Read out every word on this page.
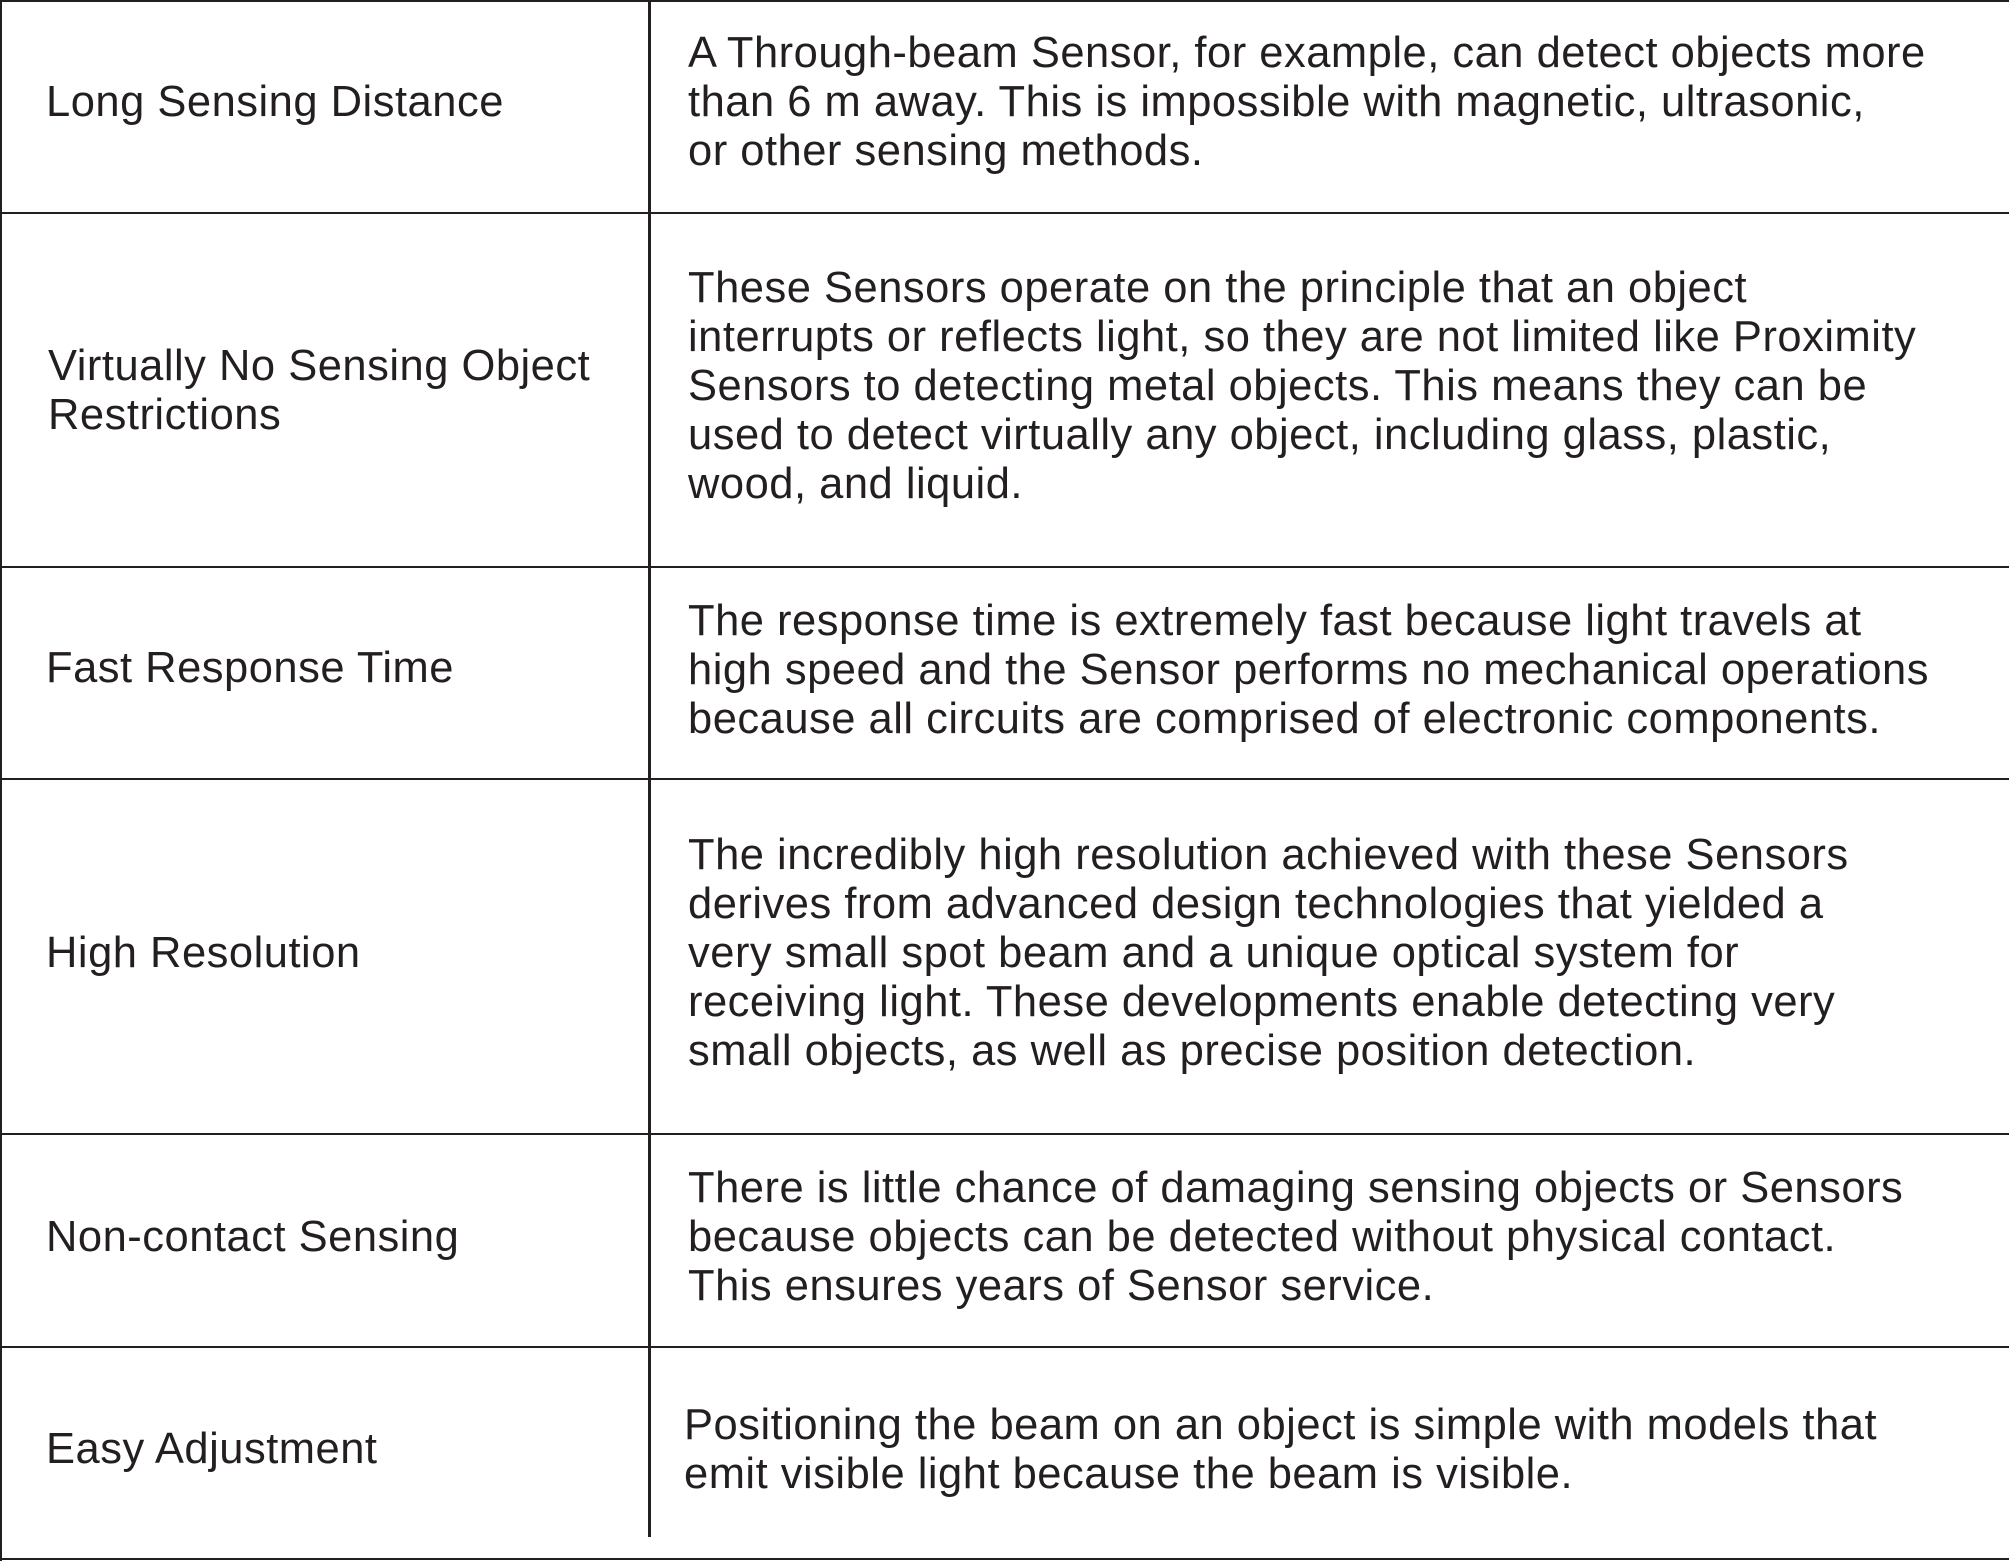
Long Sensing Distance
A Through-beam Sensor, for example, can detect objects more
than 6 m away. This is impossible with magnetic, ultrasonic,
or other sensing methods.
Virtually No Sensing Object
Restrictions
These Sensors operate on the principle that an object
interrupts or reflects light, so they are not limited like Proximity
Sensors to detecting metal objects. This means they can be
used to detect virtually any object, including glass, plastic,
wood, and liquid.
Fast Response Time
The response time is extremely fast because light travels at
high speed and the Sensor performs no mechanical operations
because all circuits are comprised of electronic components.
High Resolution
The incredibly high resolution achieved with these Sensors
derives from advanced design technologies that yielded a
very small spot beam and a unique optical system for
receiving light. These developments enable detecting very
small objects, as well as precise position detection.
Non-contact Sensing
There is little chance of damaging sensing objects or Sensors
because objects can be detected without physical contact.
This ensures years of Sensor service.
Easy Adjustment	Positioning the beam on an object is simple with models that
emit visible light because the beam is visible.
